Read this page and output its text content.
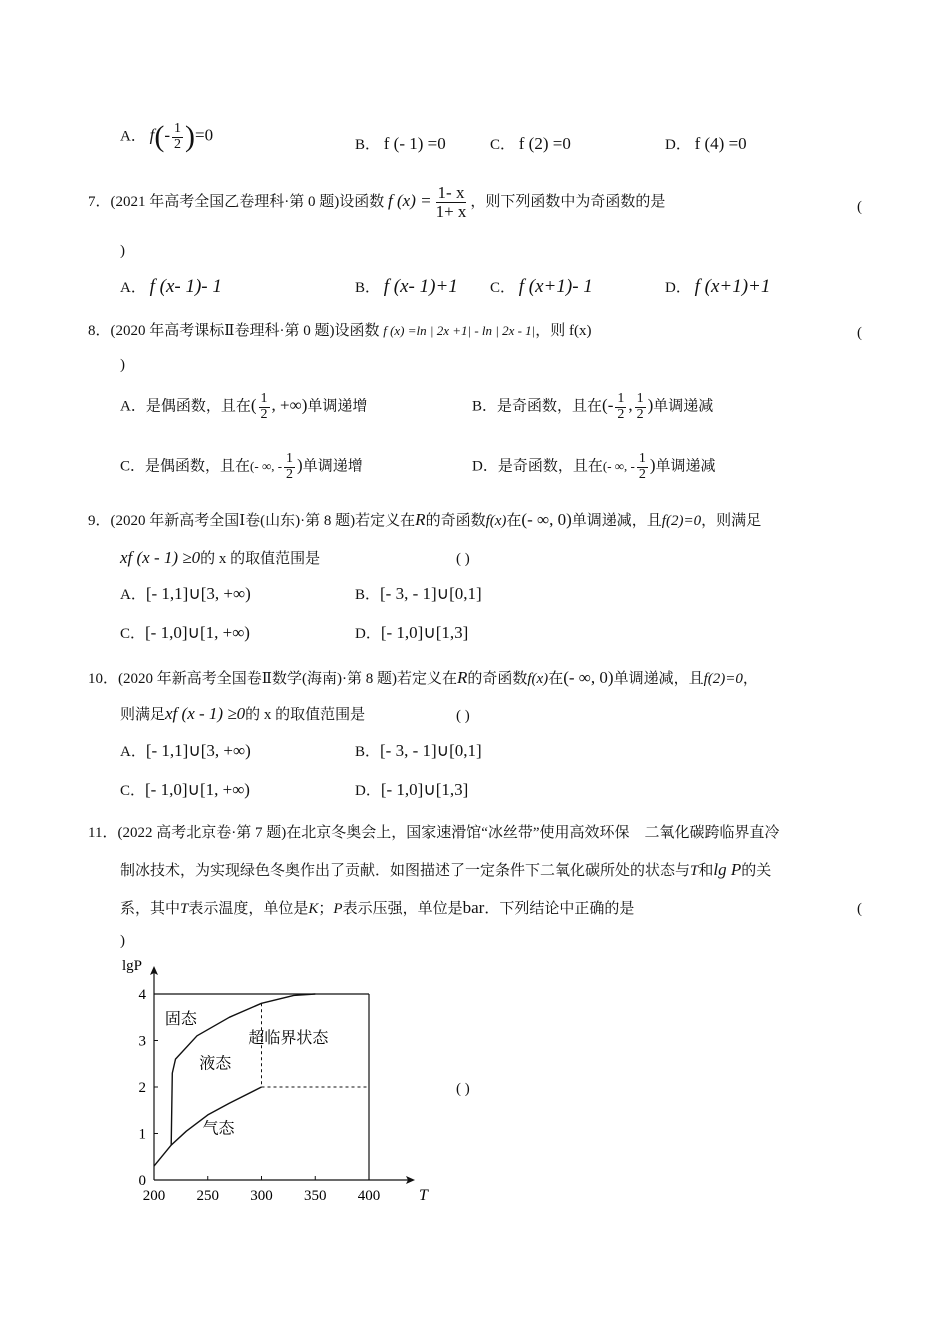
A． $f(- \frac{1}{2} )=0$
B． f (- 1) =0	C． f (2) =0	D． f (4) =0
7．(2021 年高考全国乙卷理科·第 0 题)设函数 f $(x) = \frac{1- x}{1+ x}$ ，则下列函数中为奇函数的是	(
)
A． f (x- 1)- 1	B． f (x- 1)+1 C． f (x+1)- 1	D． f (x+1)+1
8．(2020 年高考课标Ⅱ卷理科·第 0 题)设函数 f (x) =ln | 2x +1| - ln | 2x - 1|，则 f(x)	(
)
A．是偶函数，且在( $\frac{1}{2}$ , +∞)单调递增	B．是奇函数，且在(- $\frac{1}{2}$ , $\frac{1}{2}$ )单调递减
C．是偶函数，且在(- ∞, - $\frac{1}{2}$ )单调递增	D．是奇函数，且在(- ∞, - $\frac{1}{2}$ )单调递减
9．(2020 年新高考全国Ⅰ卷(山东)·第 8 题)若定义在R的奇函数f(x)在(- ∞, 0)单调递减，且f(2)=0，则满足
xf (x - 1) ≥0的 x 的取值范围是	( )
A．[- 1,1]∪[3, +∞)	B．[- 3, - 1]∪[0,1]
C．[- 1,0]∪[1, +∞)	D．[- 1,0]∪[1,3]
10．(2020 年新高考全国卷Ⅱ数学(海南)·第 8 题)若定义在R的奇函数f(x)在(- ∞, 0)单调递减，且f(2)=0，
则满足xf (x - 1) ≥0的 x 的取值范围是	( )
A．[- 1,1]∪[3, +∞)	B．[- 3, - 1]∪[0,1]
C．[- 1,0]∪[1, +∞)	D．[- 1,0]∪[1,3]
11．(2022 高考北京卷·第 7 题)在北京冬奥会上，国家速滑馆“冰丝带”使用高效环保　二氧化碳跨临界直冷
制冰技术，为实现绿色冬奥作出了贡献．如图描述了一定条件下二氧化碳所处的状态与T和lg P的关
系，其中T表示温度，单位是K；P表示压强，单位是bar．下列结论中正确的是	(
)
( )
200 250 300 350 400
0
1
2
3
4
T
lgP
固态
液态
超临界状态
气态
